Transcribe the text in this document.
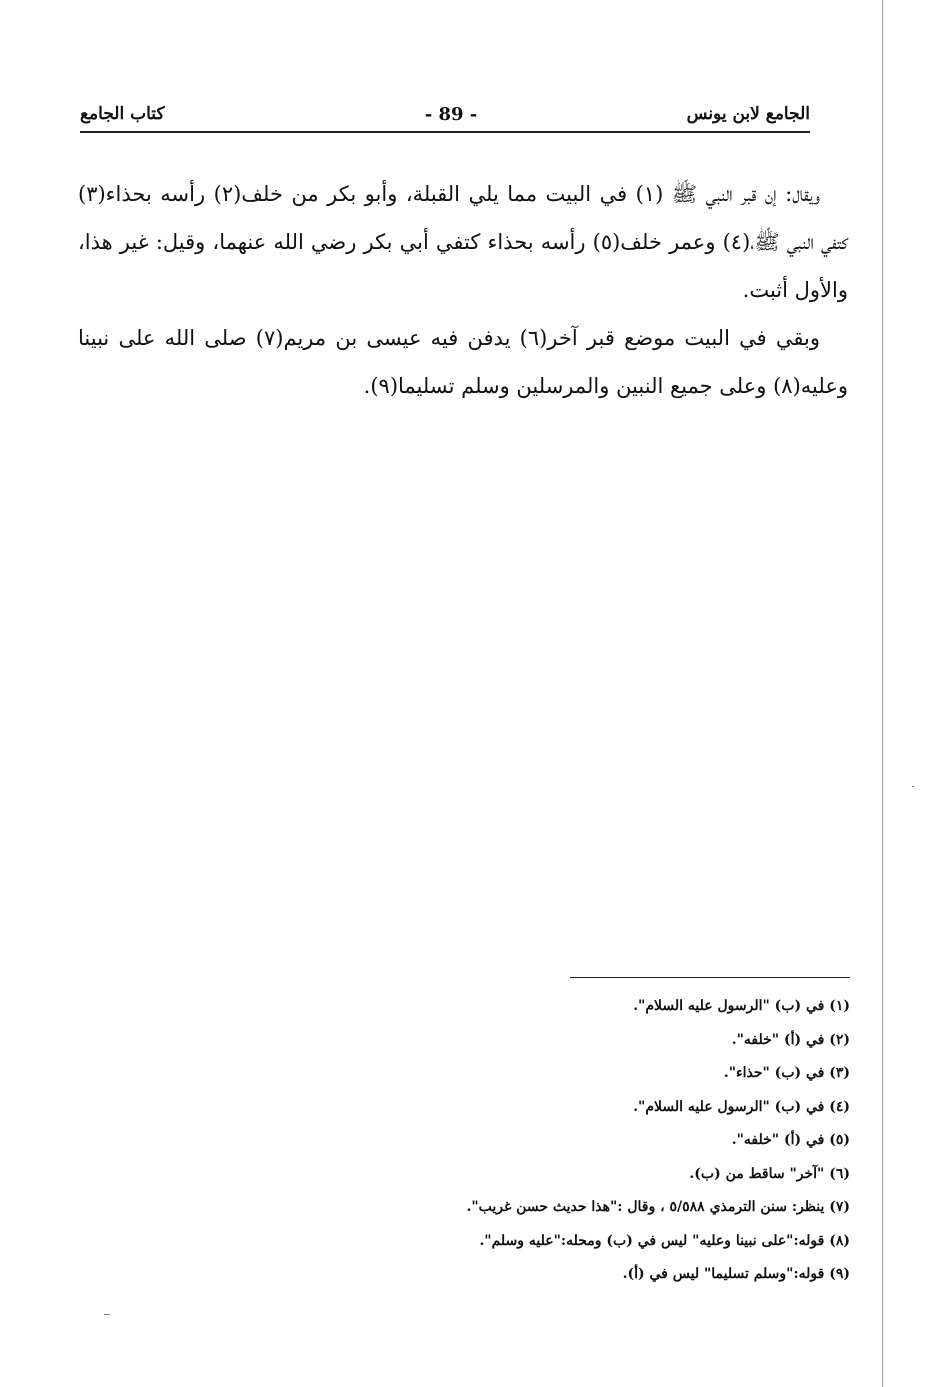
الجامع لابن يونس
- 89 -
كتاب الجامع

ويقال: إن قبر النبي ﷺ (١) في البيت مما يلي القبلة، وأبو بكر من خلف(٢) رأسه بحذاء(٣) كتفي النبي ﷺ،(٤) وعمر خلف(٥) رأسه بحذاء كتفي أبي بكر رضي الله عنهما، وقيل: غير هذا، والأول أثبت.

وبقي في البيت موضع قبر آخر(٦) يدفن فيه عيسى بن مريم(٧) صلى الله على نبينا وعليه(٨) وعلى جميع النبين والمرسلين وسلم تسليما(٩).

(١) في (ب) "الرسول عليه السلام".
(٢) في (أ) "خلفه".
(٣) في (ب) "حذاء".
(٤) في (ب) "الرسول عليه السلام".
(٥) في (أ) "خلفه".
(٦) "آخر" ساقط من (ب).
(٧) ينظر: سنن الترمذي ٥/٥٨٨ ، وقال :"هذا حديث حسن غريب".
(٨) قوله:"على نبينا وعليه" ليس في (ب) ومحله:"عليه وسلم".
(٩) قوله:"وسلم تسليما" ليس في (أ).
